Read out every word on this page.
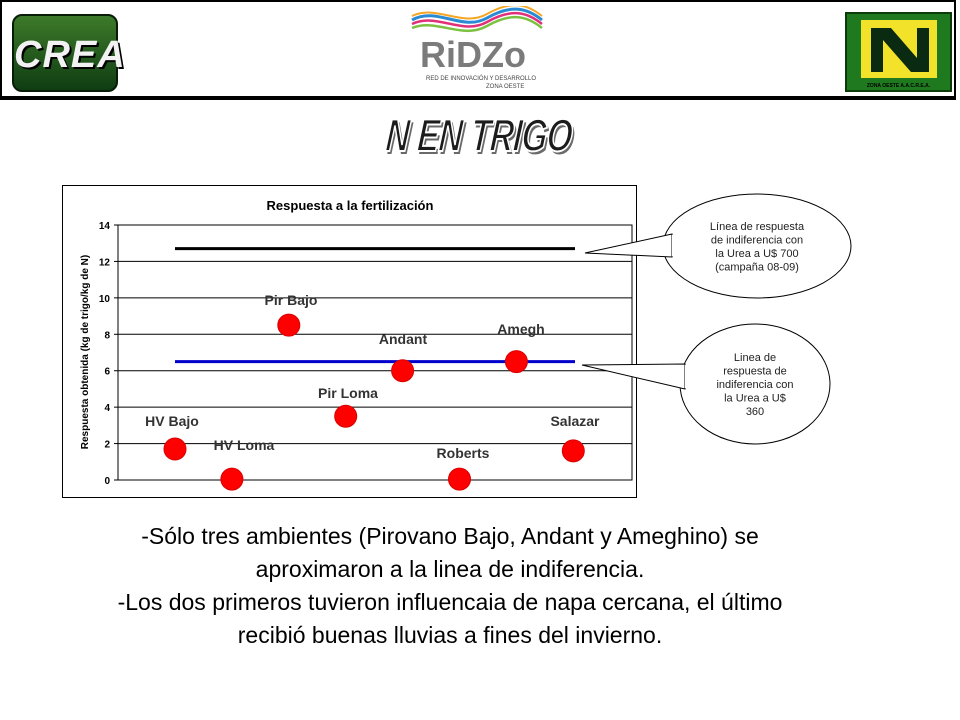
CREA	RiDZo
RED DE INNOVACIÓN Y DESARROLLO
ZONA OESTE	ZONA OESTE A.A.C.R.E.A.
N EN TRIGO
Respuesta a la fertilización
0
2
4
6
8
10
12
14
Respuesta obtenida (kg de trigo/kg de N)	HV Bajo
HV Loma
Pir Bajo
Pir Loma
Andant
Roberts
Amegh
Salazar
Línea de respuesta de indiferencia con la Urea a U$ 700 (campaña 08-09)
Linea de respuesta de indiferencia con la Urea a U$ 360
-Sólo tres ambientes (Pirovano Bajo, Andant y Ameghino) se
aproximaron a la linea de indiferencia.
-Los dos primeros tuvieron influencaia de napa cercana, el último
recibió buenas lluvias a fines del invierno.
